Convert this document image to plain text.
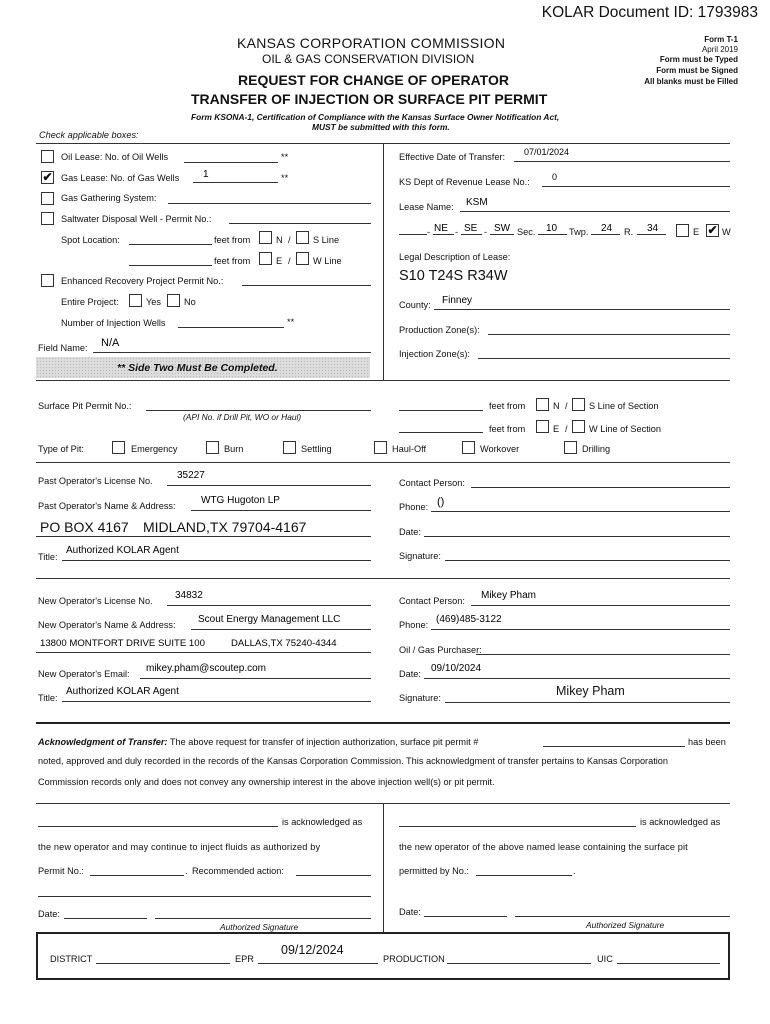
KOLAR Document ID: 1793983
KANSAS CORPORATION COMMISSION
OIL & GAS CONSERVATION DIVISION
REQUEST FOR CHANGE OF OPERATOR
TRANSFER OF INJECTION OR SURFACE PIT PERMIT
Form KSONA-1, Certification of Compliance with the Kansas Surface Owner Notification Act,
MUST be submitted with this form.
Form T-1
April 2019
Form must be Typed
Form must be Signed
All blanks must be Filled
Check applicable boxes:
Oil Lease: No. of Oil Wells	**
✔ Gas Lease: No. of Gas Wells 1	**
Gas Gathering System:
Saltwater Disposal Well - Permit No.:
Spot Location:	feet from	N / S Line
feet from	E / W Line
Enhanced Recovery Project Permit No.:
Entire Project:	Yes	No
Number of Injection Wells	**
Field Name: N/A
** Side Two Must Be Completed.
Effective Date of Transfer: 07/01/2024
KS Dept of Revenue Lease No.: 0
Lease Name: KSM
- NE - SE - SW Sec. 10 Twp. 24 R. 34	E ✔ W
Legal Description of Lease:
S10 T24S R34W
County: Finney
Production Zone(s):
Injection Zone(s):
Surface Pit Permit No.:
(API No. if Drill Pit, WO or Haul)
feet from	N / S Line of Section
feet from	E / W Line of Section
Type of Pit:	Emergency	Burn	Settling	Haul-Off	Workover	Drilling
Past Operator's License No. 35227
Past Operator's Name & Address:	WTG Hugoton LP
PO BOX 4167 MIDLAND,TX 79704-4167
Title:
Authorized KOLAR Agent
Contact Person:
Phone: ()
Date:
Signature:
New Operator's License No. 34832
New Operator's Name & Address: Scout Energy Management LLC
13800 MONTFORT DRIVE SUITE 100	DALLAS,TX 75240-4344
New Operator's Email: mikey.pham@scoutep.com
Title:
Authorized KOLAR Agent
Contact Person: Mikey Pham
Phone: (469)485-3122
Oil / Gas Purchaser:
Date: 09/10/2024
Signature:	Mikey Pham
Acknowledgment of Transfer: The above request for transfer of injection authorization, surface pit permit #	has been
noted, approved and duly recorded in the records of the Kansas Corporation Commission. This acknowledgment of transfer pertains to Kansas Corporation
Commission records only and does not convey any ownership interest in the above injection well(s) or pit permit.
is acknowledged as
the new operator and may continue to inject fluids as authorized by
Permit No.:	. Recommended action:
Date:
Authorized Signature
is acknowledged as
the new operator of the above named lease containing the surface pit
permitted by No.:	.
Date:
Authorized Signature
DISTRICT	EPR
09/12/2024
PRODUCTION	UIC
